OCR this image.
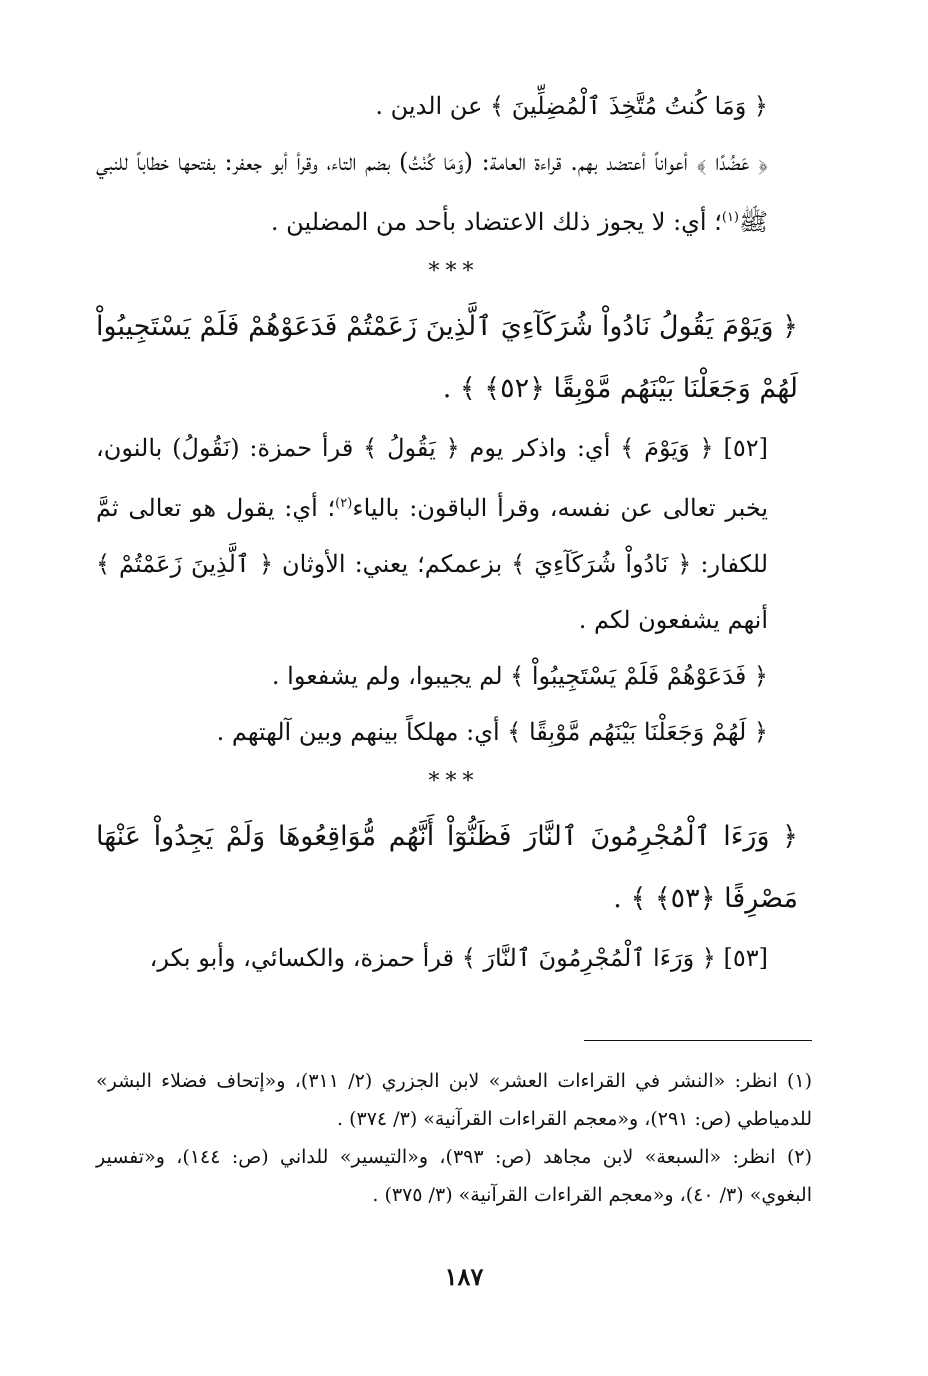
﴿ وَمَا كُنتُ مُتَّخِذَ ٱلْمُضِلِّينَ ﴾ عن الدين .

﴿ عَضُدًا ﴾ أعواناً أعتضد بهم. قراءة العامة: (وَمَا كُنْتُ) بضم التاء، وقرأ أبو جعفر: بفتحها خطاباً للنبي ﷺ$^{(١)}$؛ أي: لا يجوز ذلك الاعتضاد بأحد من المضلين .

***

﴿ وَيَوْمَ يَقُولُ نَادُواْ شُرَكَآءِيَ ٱلَّذِينَ زَعَمْتُمْ فَدَعَوْهُمْ فَلَمْ يَسْتَجِيبُواْ لَهُمْ وَجَعَلْنَا بَيْنَهُم مَّوْبِقًا ﴿٥٢﴾ ﴾ .

[٥٢] ﴿ وَيَوْمَ ﴾ أي: واذكر يوم ﴿ يَقُولُ ﴾ قرأ حمزة: (نَقُولُ) بالنون، يخبر تعالى عن نفسه، وقرأ الباقون: بالياء$^{(٢)}$؛ أي: يقول هو تعالى ثمَّ للكفار: ﴿ نَادُواْ شُرَكَآءِيَ ﴾ بزعمكم؛ يعني: الأوثان ﴿ ٱلَّذِينَ زَعَمْتُمْ ﴾ أنهم يشفعون لكم .

﴿ فَدَعَوْهُمْ فَلَمْ يَسْتَجِيبُواْ ﴾ لم يجيبوا، ولم يشفعوا .

﴿ لَهُمْ وَجَعَلْنَا بَيْنَهُم مَّوْبِقًا ﴾ أي: مهلكاً بينهم وبين آلهتهم .

***

﴿ وَرَءَا ٱلْمُجْرِمُونَ ٱلنَّارَ فَظَنُّوٓاْ أَنَّهُم مُّوَاقِعُوهَا وَلَمْ يَجِدُواْ عَنْهَا مَصْرِفًا ﴿٥٣﴾ ﴾ .

[٥٣] ﴿ وَرَءَا ٱلْمُجْرِمُونَ ٱلنَّارَ ﴾ قرأ حمزة، والكسائي، وأبو بكر،

(١) انظر: «النشر في القراءات العشر» لابن الجزري (٢/ ٣١١)، و«إتحاف فضلاء البشر» للدمياطي (ص: ٢٩١)، و«معجم القراءات القرآنية» (٣/ ٣٧٤) .

(٢) انظر: «السبعة» لابن مجاهد (ص: ٣٩٣)، و«التيسير» للداني (ص: ١٤٤)، و«تفسير البغوي» (٣/ ٤٠)، و«معجم القراءات القرآنية» (٣/ ٣٧٥) .

١٨٧
